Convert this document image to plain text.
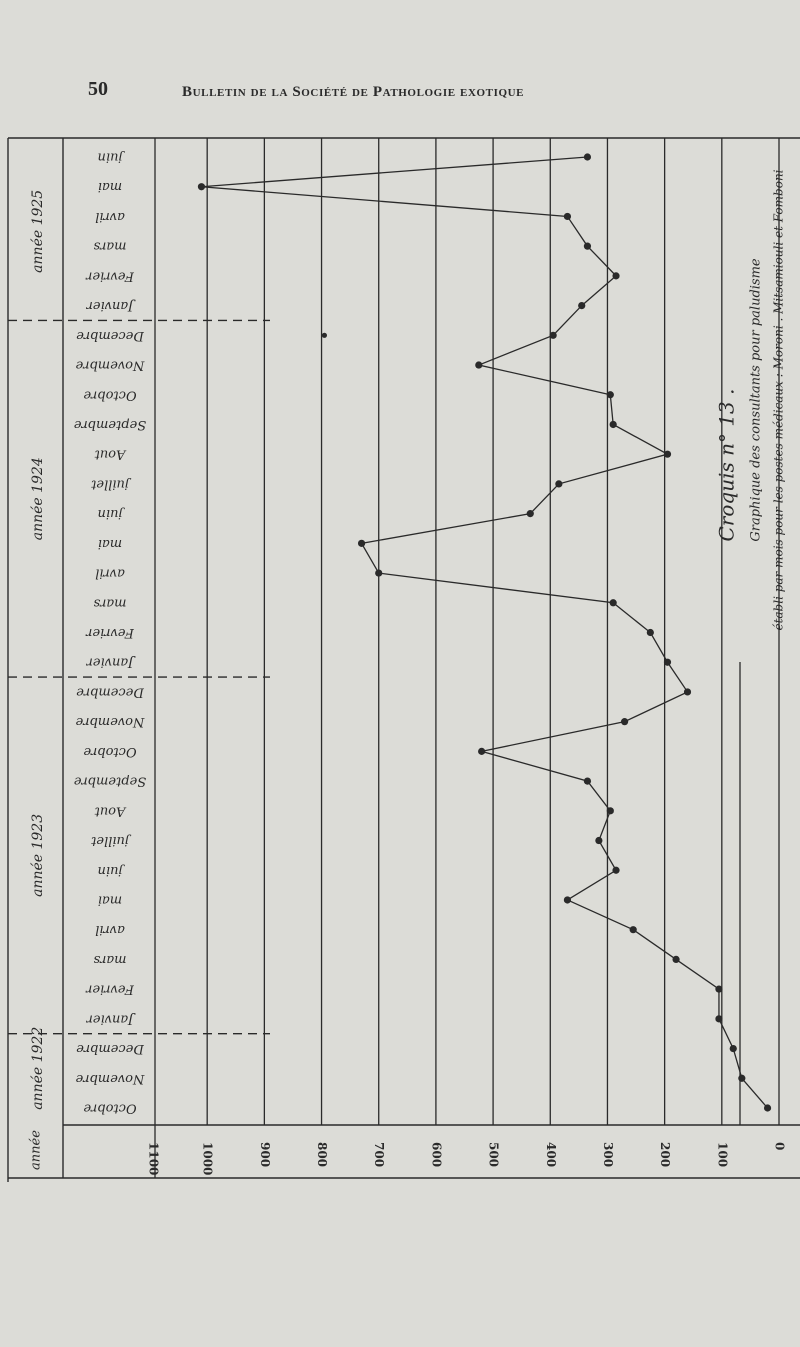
50	Bulletin de la Société de Pathologie exotique
0
100
200
300
400
500
600
700
800
900
1000
1100
Octobre
Novembre
Decembre
Janvier
Fevrier
mars
avril
mai
juin
juillet
Aout
Septembre
Octobre
Novembre
Decembre
Janvier
Fevrier
mars
avril
mai
juin
juillet
Aout
Septembre
Octobre
Novembre
Decembre
Janvier
Fevrier
mars
avril
mai
juin
année 1922
année 1923
année 1924
année 1925
année
Croquis n° 13 . Graphique des consultants pour paludisme établi par mois pour les postes médicaux : Moroni . Mitsamiouli et Fomboni
